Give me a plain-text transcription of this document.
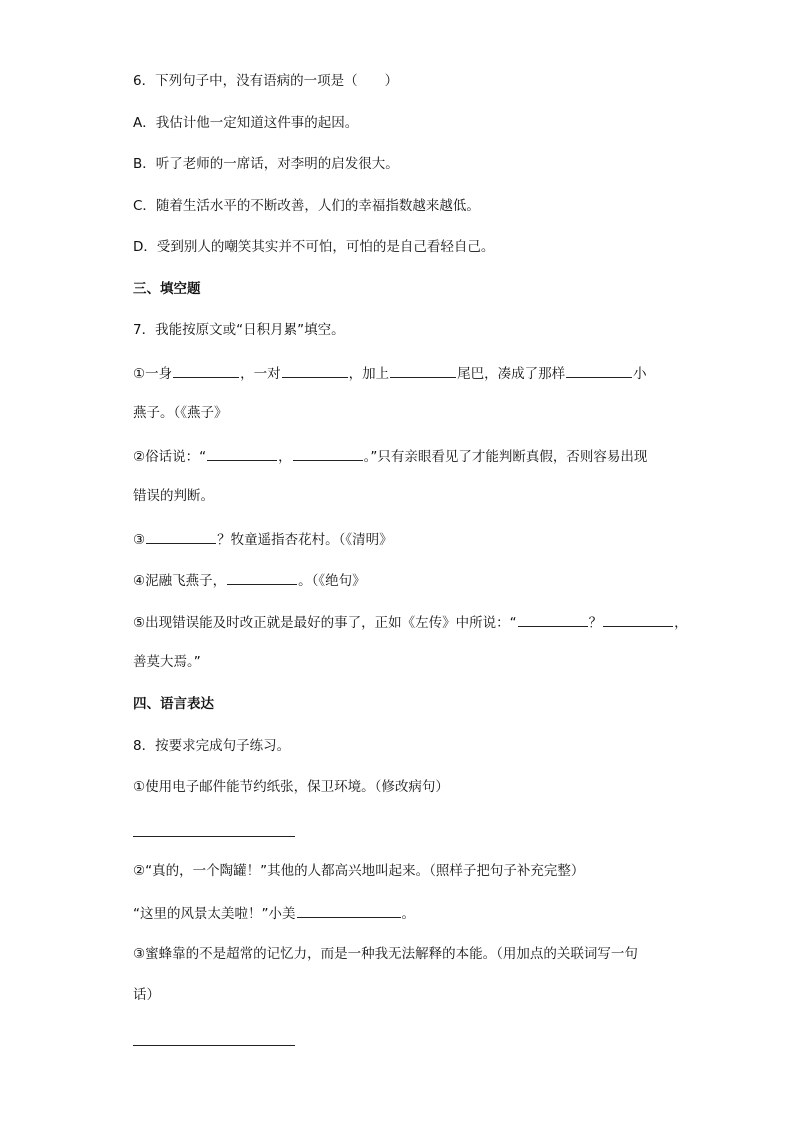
6．下列句子中，没有语病的一项是（　　）
A．我估计他一定知道这件事的起因。
B．听了老师的一席话，对李明的启发很大。
C．随着生活水平的不断改善，人们的幸福指数越来越低。
D．受到别人的嘲笑其实并不可怕，可怕的是自己看轻自己。
三、填空题
7．我能按原文或“日积月累”填空。
①一身	，一对	，加上	尾巴，凑成了那样	小
燕子。（《燕子》
②俗话说：“	，	。”只有亲眼看见了才能判断真假，否则容易出现
错误的判断。
③	？牧童遥指杏花村。（《清明》
④泥融飞燕子，	。（《绝句》
⑤出现错误能及时改正就是最好的事了，正如《左传》中所说：“	？	，
善莫大焉。”
四、语言表达
8．按要求完成句子练习。
①使用电子邮件能节约纸张，保卫环境。（修改病句）
②“真的，一个陶罐！”其他的人都高兴地叫起来。（照样子把句子补充完整）
“这里的风景太美啦！”小美	。
③蜜蜂靠的不是超常的记忆力，而是一种我无法解释的本能。（用加点的关联词写一句
话）
